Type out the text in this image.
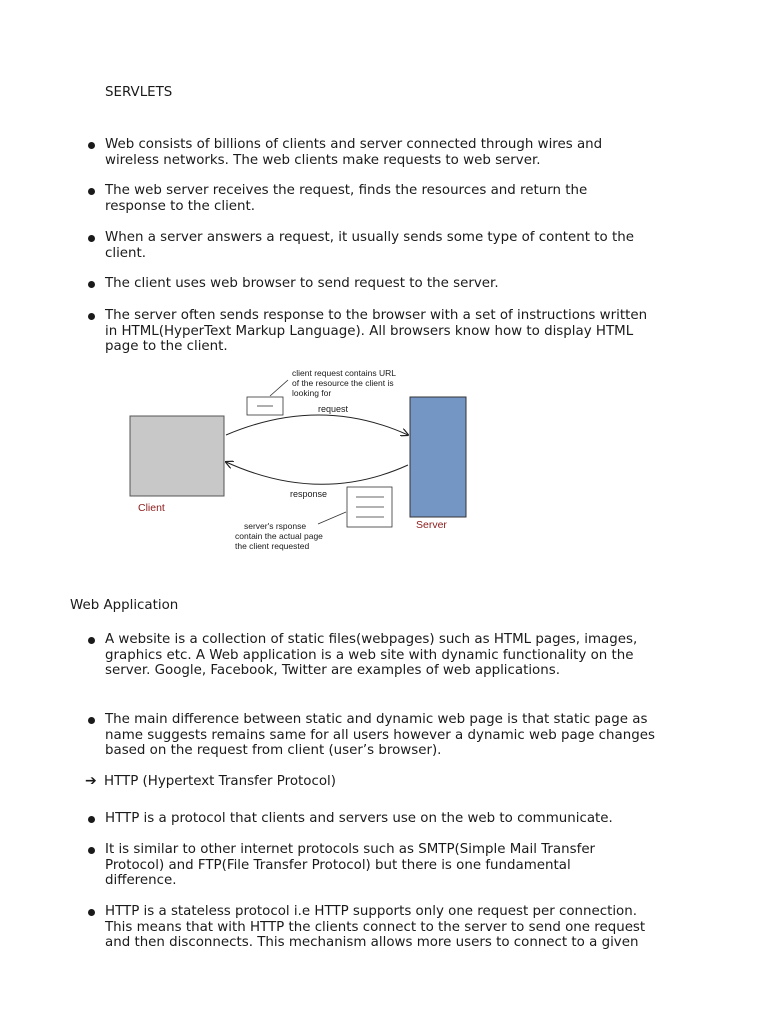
SERVLETS
Web consists of billions of clients and server connected through wires and
wireless networks. The web clients make requests to web server.
The web server receives the request, finds the resources and return the
response to the client.
When a server answers a request, it usually sends some type of content to the
client.
The client uses web browser to send request to the server.
The server often sends response to the browser with a set of instructions written
in HTML(HyperText Markup Language). All browsers know how to display HTML
page to the client.
client request contains URL
of the resource the client is
looking for
request
response
Client
Server
server's rsponse
contain the actual page
the client requested
Web Application
A website is a collection of static files(webpages) such as HTML pages, images,
graphics etc. A Web application is a web site with dynamic functionality on the
server. Google, Facebook, Twitter are examples of web applications.
The main difference between static and dynamic web page is that static page as
name suggests remains same for all users however a dynamic web page changes
based on the request from client (user’s browser).
➔ HTTP (Hypertext Transfer Protocol)
HTTP is a protocol that clients and servers use on the web to communicate.
It is similar to other internet protocols such as SMTP(Simple Mail Transfer
Protocol) and FTP(File Transfer Protocol) but there is one fundamental
difference.
HTTP is a stateless protocol i.e HTTP supports only one request per connection.
This means that with HTTP the clients connect to the server to send one request
and then disconnects. This mechanism allows more users to connect to a given
